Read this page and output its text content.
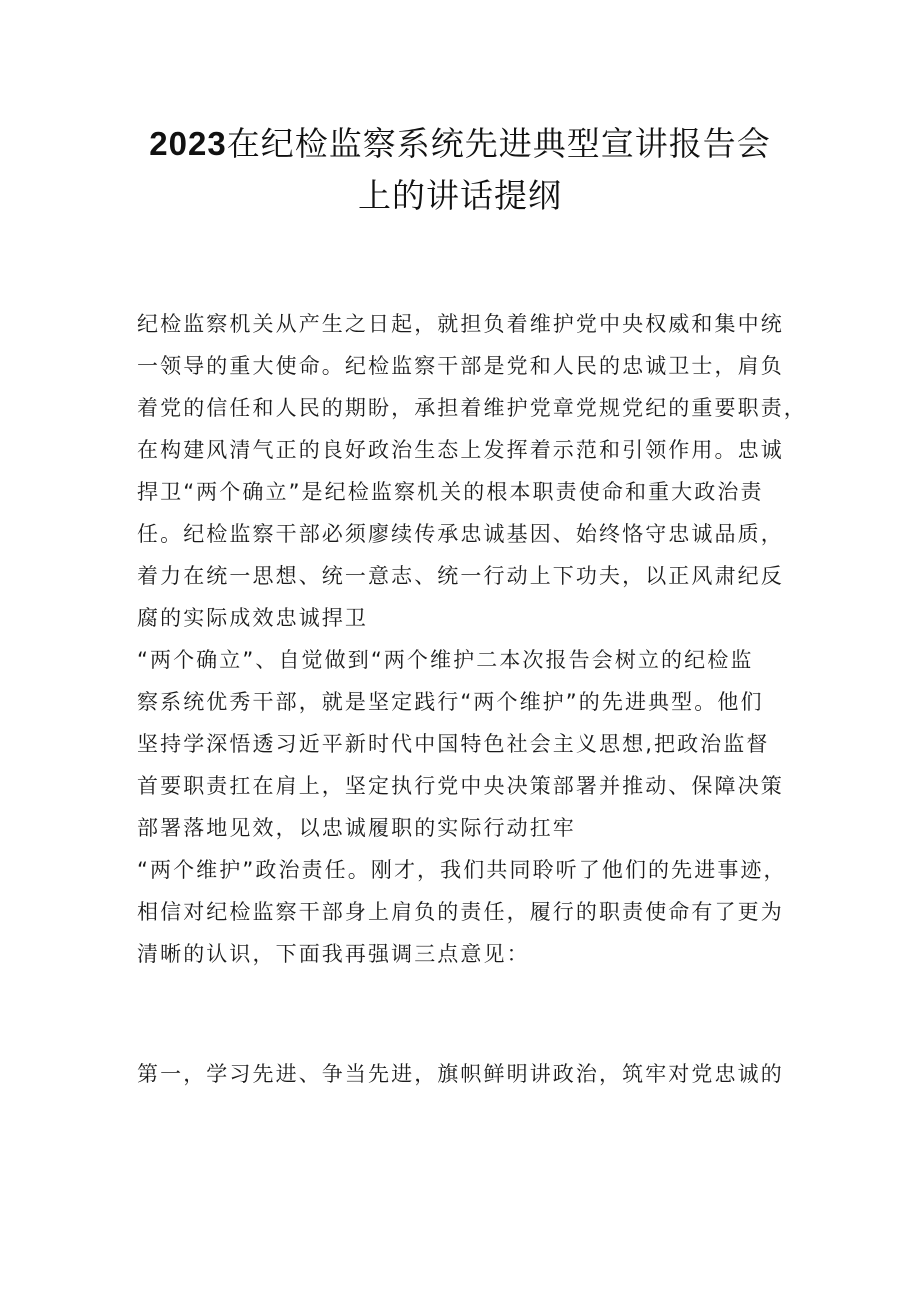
2023在纪检监察系统先进典型宣讲报告会
上的讲话提纲
纪检监察机关从产生之日起，就担负着维护党中央权威和集中统
一领导的重大使命。纪检监察干部是党和人民的忠诚卫士，肩负
着党的信任和人民的期盼，承担着维护党章党规党纪的重要职责，
在构建风清气正的良好政治生态上发挥着示范和引领作用。忠诚
捍卫“两个确立”是纪检监察机关的根本职责使命和重大政治责
任。纪检监察干部必须廖续传承忠诚基因、始终恪守忠诚品质，
着力在统一思想、统一意志、统一行动上下功夫，以正风肃纪反
腐的实际成效忠诚捍卫
“两个确立”、自觉做到“两个维护二本次报告会树立的纪检监
察系统优秀干部，就是坚定践行“两个维护”的先进典型。他们
坚持学深悟透习近平新时代中国特色社会主义思想,把政治监督
首要职责扛在肩上，坚定执行党中央决策部署并推动、保障决策
部署落地见效，以忠诚履职的实际行动扛牢
“两个维护”政治责任。刚才，我们共同聆听了他们的先进事迹，
相信对纪检监察干部身上肩负的责任，履行的职责使命有了更为
清晰的认识，下面我再强调三点意见：
第一，学习先进、争当先进，旗帜鲜明讲政治，筑牢对党忠诚的
